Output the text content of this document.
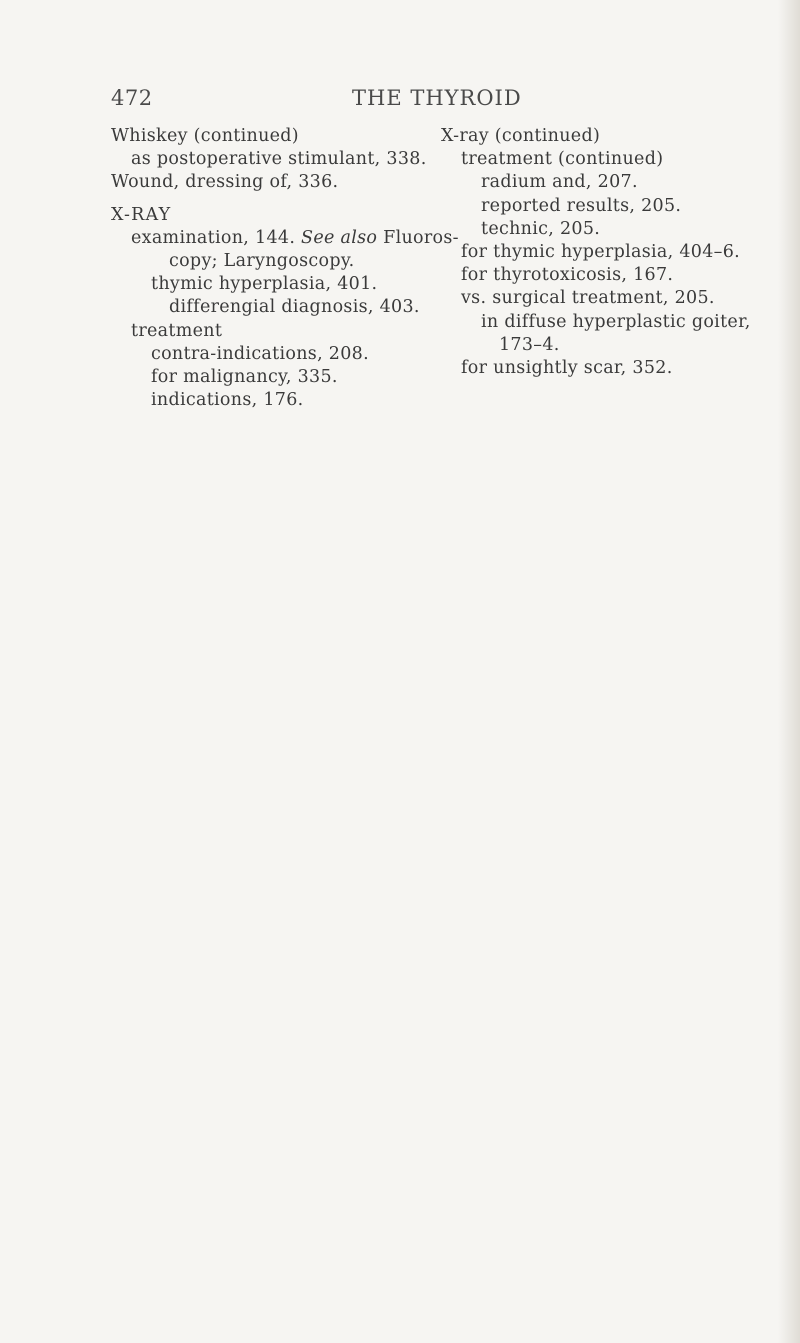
472	THE THYROID
Whiskey (continued)
as postoperative stimulant, 338.
Wound, dressing of, 336.
X-RAY
examination, 144. See also Fluoros-
copy; Laryngoscopy.
thymic hyperplasia, 401.
differengial diagnosis, 403.
treatment
contra-indications, 208.
for malignancy, 335.
indications, 176.
X-ray (continued)
treatment (continued)
radium and, 207.
reported results, 205.
technic, 205.
for thymic hyperplasia, 404–6.
for thyrotoxicosis, 167.
vs. surgical treatment, 205.
in diffuse hyperplastic goiter,
173–4.
for unsightly scar, 352.
